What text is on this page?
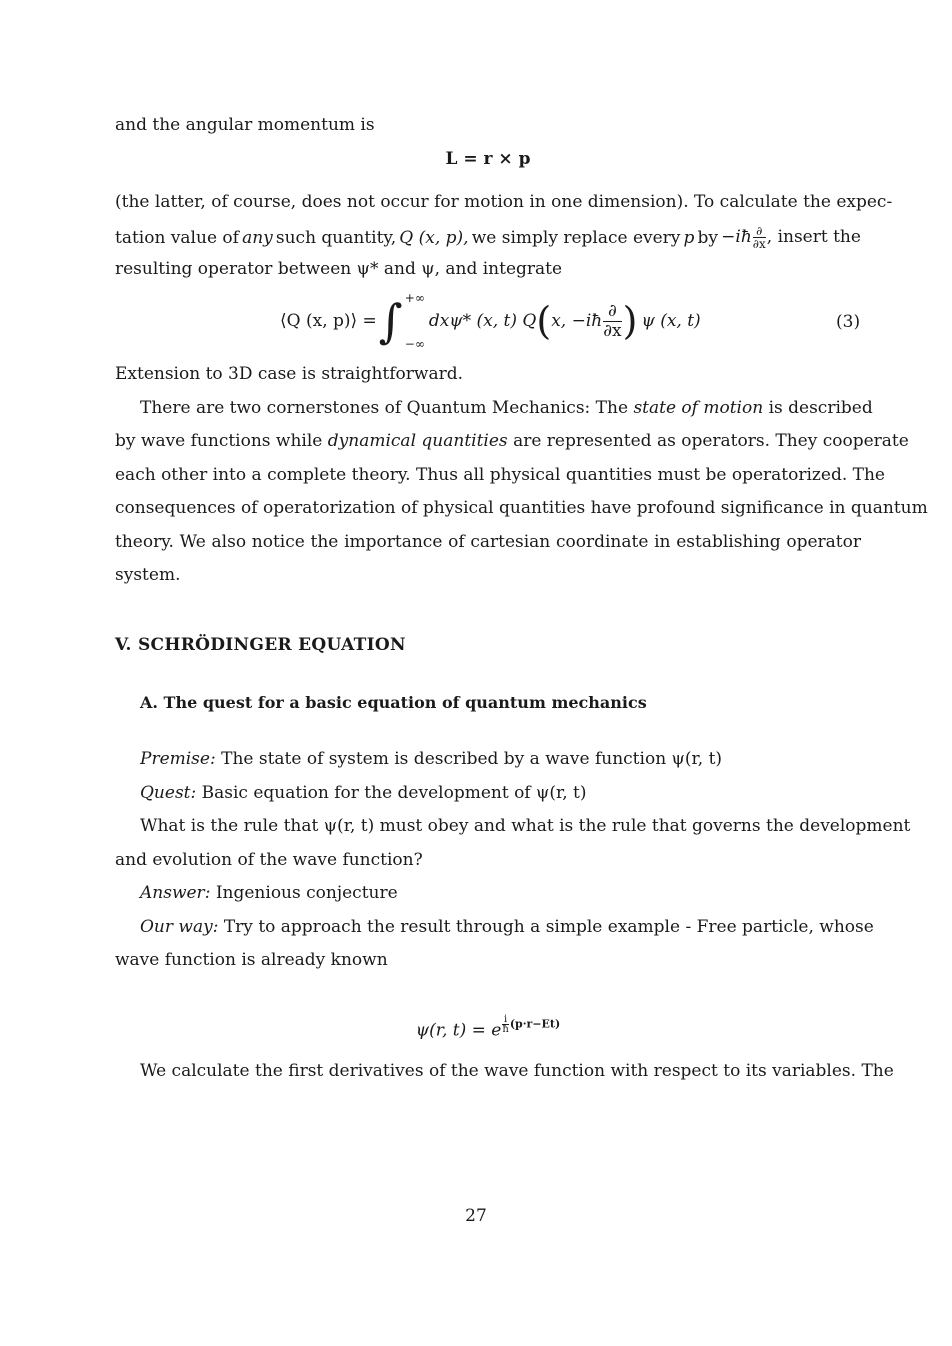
and the angular momentum is
L = r × p
(the latter, of course, does not occur for motion in one dimension). To calculate the expec-
tation value of any such quantity, Q (x, p), we simply replace every p by −iħ $\frac{\partial}{\partial x}$ , insert the
resulting operator between ψ* and ψ, and integrate
⟨Q (x, p)⟩ = ∫ +∞
−∞
dxψ* (x, t) Q ( x, −iħ $\frac{\partial}{\partial x}$ ) ψ (x, t)	(3)
Extension to 3D case is straightforward.
There are two cornerstones of Quantum Mechanics: The state of motion is described
by wave functions while dynamical quantities are represented as operators. They cooperate
each other into a complete theory. Thus all physical quantities must be operatorized. The
consequences of operatorization of physical quantities have profound significance in quantum
theory. We also notice the importance of cartesian coordinate in establishing operator
system.
V. SCHRÖDINGER EQUATION
A. The quest for a basic equation of quantum mechanics
Premise: The state of system is described by a wave function ψ(r, t)
Quest: Basic equation for the development of ψ(r, t)
What is the rule that ψ(r, t) must obey and what is the rule that governs the development
and evolution of the wave function?
Answer: Ingenious conjecture
Our way: Try to approach the result through a simple example - Free particle, whose
wave function is already known
ψ(r, t) = e $\frac{i}{ħ} (p\cdot r-Et)$
We calculate the first derivatives of the wave function with respect to its variables. The
27
